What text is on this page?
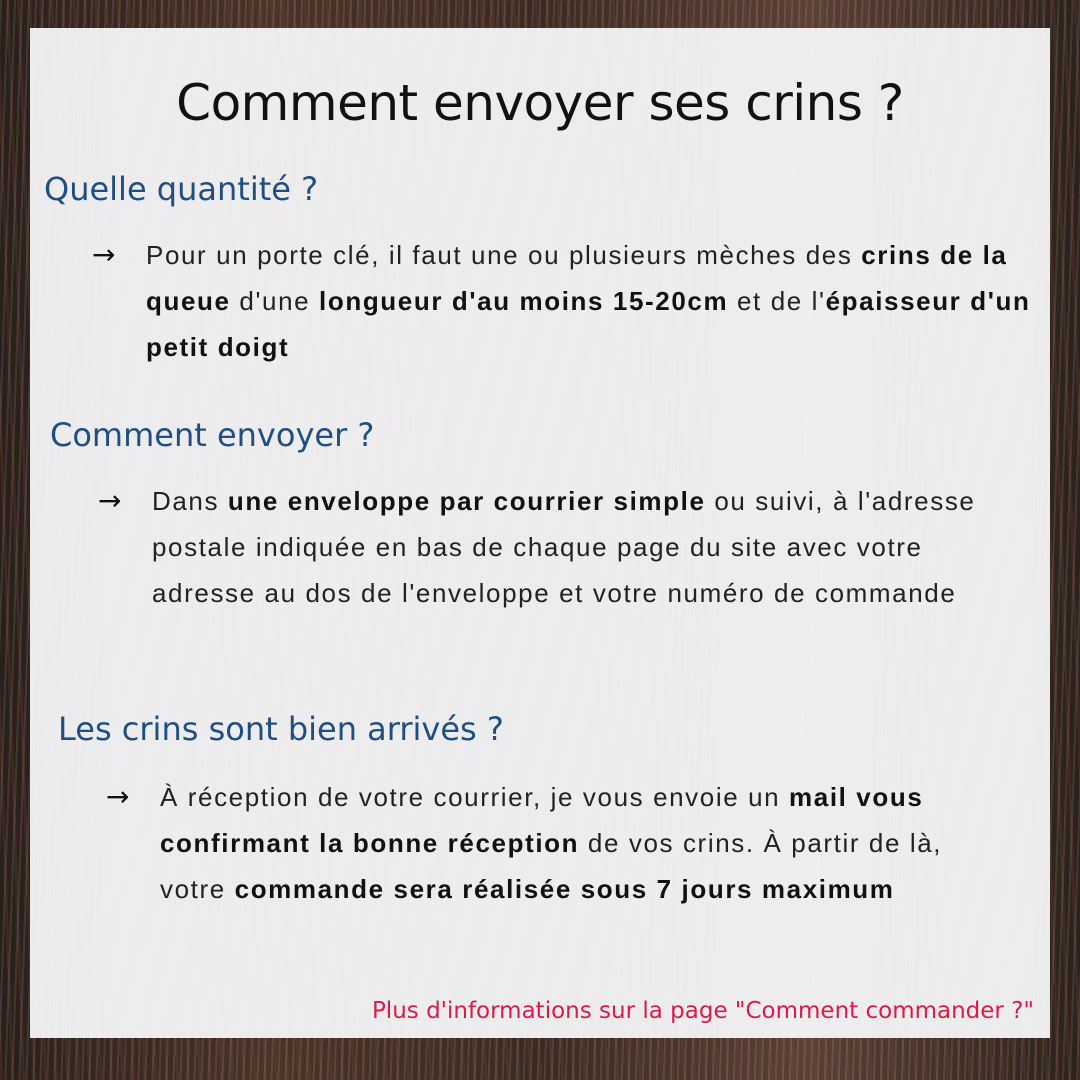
Comment envoyer ses crins ?
Quelle quantité ?
→ Pour un porte clé, il faut une ou plusieurs mèches des crins de la queue d'une longueur d'au moins 15-20cm et de l'épaisseur d'un petit doigt
Comment envoyer ?
→ Dans une enveloppe par courrier simple ou suivi, à l'adresse postale indiquée en bas de chaque page du site avec votre adresse au dos de l'enveloppe et votre numéro de commande
Les crins sont bien arrivés ?
→ À réception de votre courrier, je vous envoie un mail vous confirmant la bonne réception de vos crins. À partir de là, votre commande sera réalisée sous 7 jours maximum
Plus d'informations sur la page "Comment commander ?"
